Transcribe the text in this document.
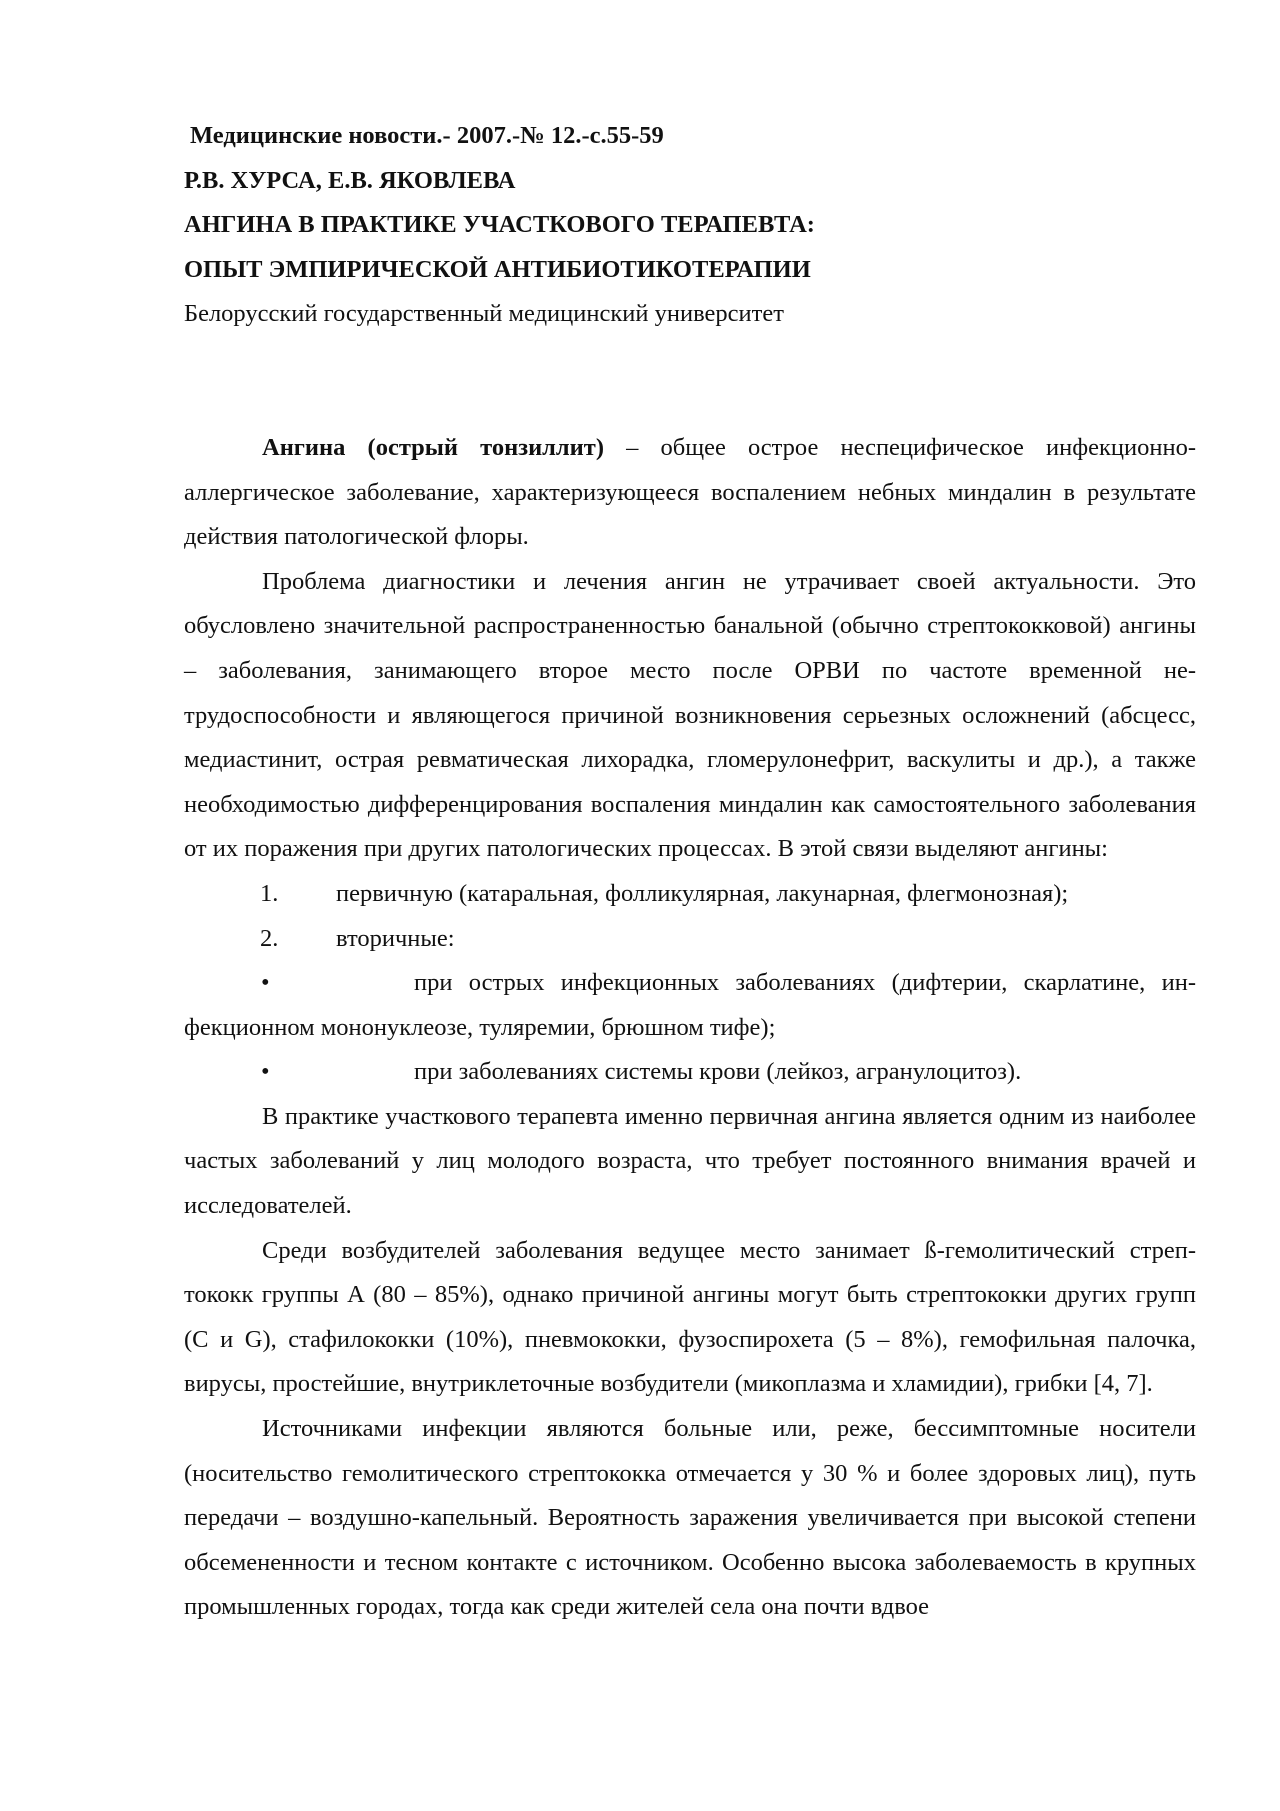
Медицинские новости.- 2007.-№ 12.-с.55-59
Р.В. ХУРСА, Е.В. ЯКОВЛЕВА
АНГИНА В ПРАКТИКЕ УЧАСТКОВОГО ТЕРАПЕВТА:
ОПЫТ ЭМПИРИЧЕСКОЙ АНТИБИОТИКОТЕРАПИИ
Белорусский государственный медицинский университет

Ангина (острый тонзиллит) – общее острое неспецифическое инфекционно-аллергическое заболевание, характеризующееся воспалением небных миндалин в результате действия патологической флоры.

Проблема диагностики и лечения ангин не утрачивает своей актуальности. Это обусловлено значительной распространенностью банальной (обычно стрептококковой) ангины – заболевания, занимающего второе место после ОРВИ по частоте временной нетрудоспособности и являющегося причиной возникновения серьезных осложнений (абсцесс, медиастинит, острая ревматическая лихорадка, гломерулонефрит, васкулиты и др.), а также необходимостью дифференцирования воспаления миндалин как самостоятельного заболевания от их поражения при других патологических процессах. В этой связи выделяют ангины:

1.	первичную (катаральная, фолликулярная, лакунарная, флегмонозная);
2.	вторичные:
•	при острых инфекционных заболеваниях (дифтерии, скарлатине, инфекционном мононуклеозе, туляремии, брюшном тифе);
•	при заболеваниях системы крови (лейкоз, агранулоцитоз).

В практике участкового терапевта именно первичная ангина является одним из наиболее частых заболеваний у лиц молодого возраста, что требует постоянного внимания врачей и исследователей.

Среди возбудителей заболевания ведущее место занимает ß-гемолитический стрептококк группы А (80 – 85%), однако причиной ангины могут быть стрептококки других групп (С и G), стафилококки (10%), пневмококки, фузоспирохета (5 – 8%), гемофильная палочка, вирусы, простейшие, внутриклеточные возбудители (микоплазма и хламидии), грибки [4, 7].

Источниками инфекции являются больные или, реже, бессимптомные носители (носительство гемолитического стрептококка отмечается у 30 % и более здоровых лиц), путь передачи – воздушно-капельный. Вероятность заражения увеличивается при высокой степени обсемененности и тесном контакте с источником. Особенно высока заболеваемость в крупных промышленных городах, тогда как среди жителей села она почти вдвое
